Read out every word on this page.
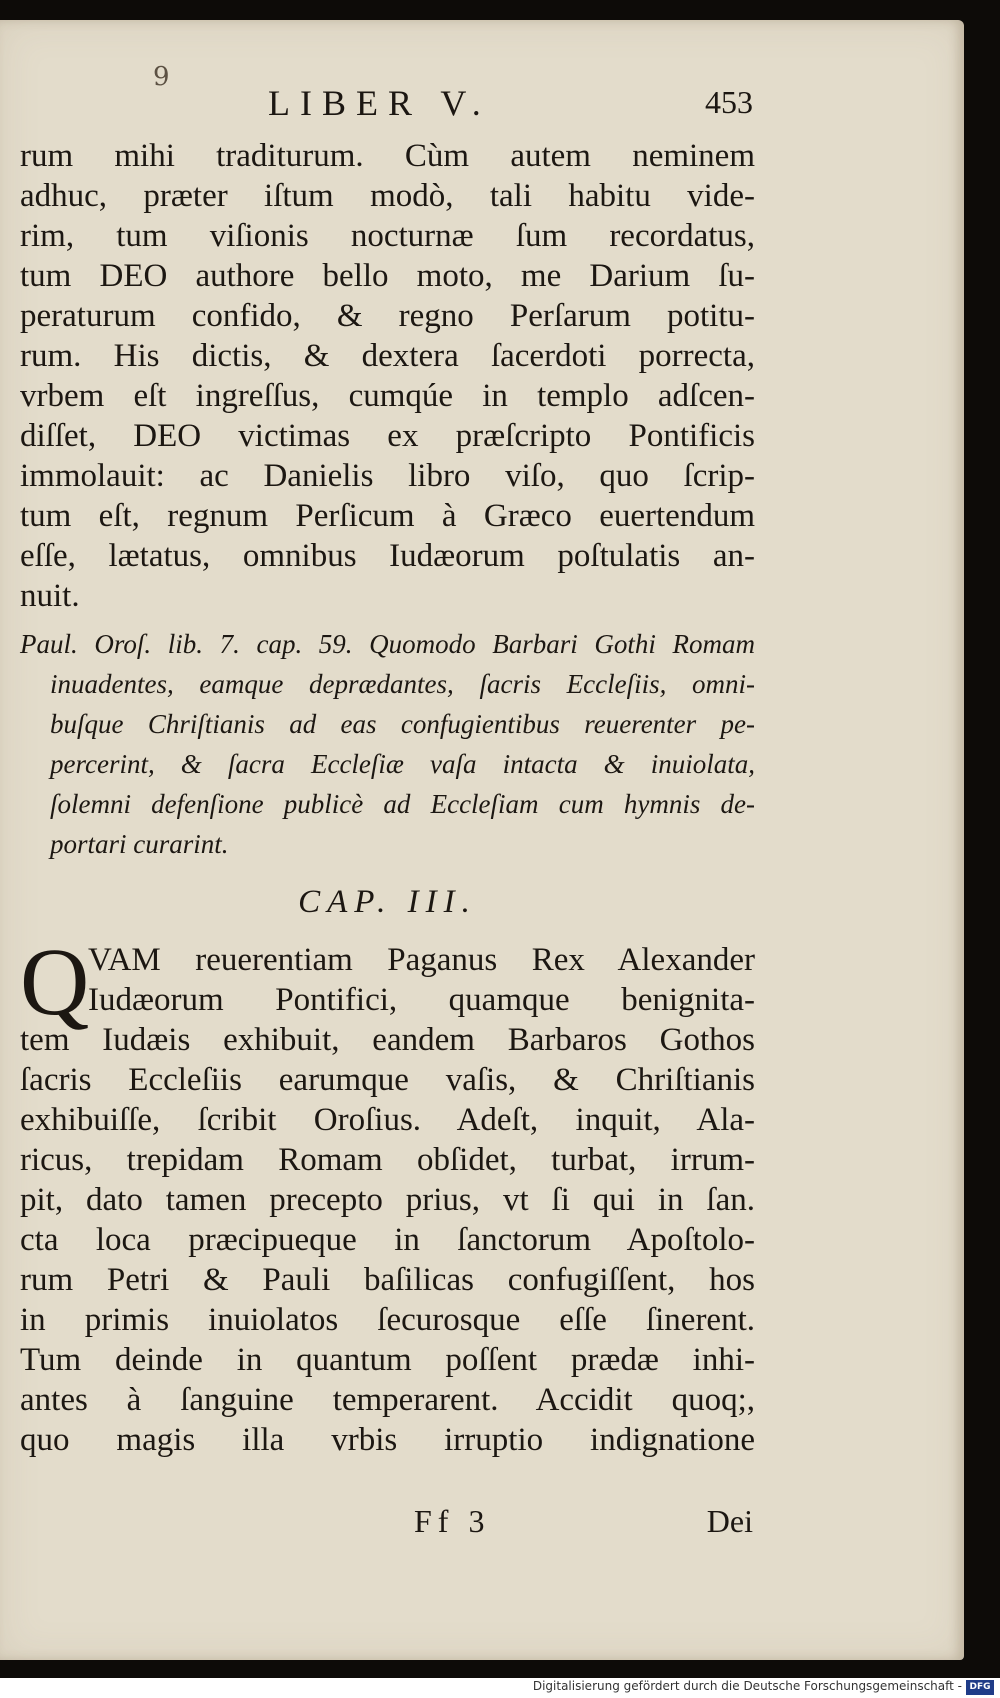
9
LIBER V.	453
rum mihi traditurum. Cùm autem neminem
adhuc, præter iſtum modò, tali habitu vide-
rim, tum viſionis nocturnæ ſum recordatus,
tum DEO authore bello moto, me Darium ſu-
peraturum confido, & regno Perſarum potitu-
rum. His dictis, & dextera ſacerdoti porrecta,
vrbem eſt ingreſſus, cumqúe in templo adſcen-
diſſet, DEO victimas ex præſcripto Pontificis
immolauit: ac Danielis libro viſo, quo ſcrip-
tum eſt, regnum Perſicum à Græco euertendum
eſſe, lætatus, omnibus Iudæorum poſtulatis an-
nuit.
Paul. Oroſ. lib. 7. cap. 59. Quomodo Barbari Gothi Romam
inuadentes, eamque deprædantes, ſacris Eccleſiis, omni-
buſque Chriſtianis ad eas confugientibus reuerenter pe-
percerint, & ſacra Eccleſiæ vaſa intacta & inuiolata,
ſolemni defenſione publicè ad Eccleſiam cum hymnis de-
portari curarint.
CAP. III.
Q
VAM reuerentiam Paganus Rex Alexander
Iudæorum Pontifici, quamque benignita-
tem Iudæis exhibuit, eandem Barbaros Gothos
ſacris Eccleſiis earumque vaſis, & Chriſtianis
exhibuiſſe, ſcribit Oroſius. Adeſt, inquit, Ala-
ricus, trepidam Romam obſidet, turbat, irrum-
pit, dato tamen precepto prius, vt ſi qui in ſan.
cta loca præcipueque in ſanctorum Apoſtolo-
rum Petri & Pauli baſilicas confugiſſent, hos
in primis inuiolatos ſecurosque eſſe ſinerent.
Tum deinde in quantum poſſent prædæ inhi-
antes à ſanguine temperarent. Accidit quoq;,
quo magis illa vrbis irruptio indignatione
Ff 3	Dei
Digitalisierung gefördert durch die Deutsche Forschungsgemeinschaft - DFG
